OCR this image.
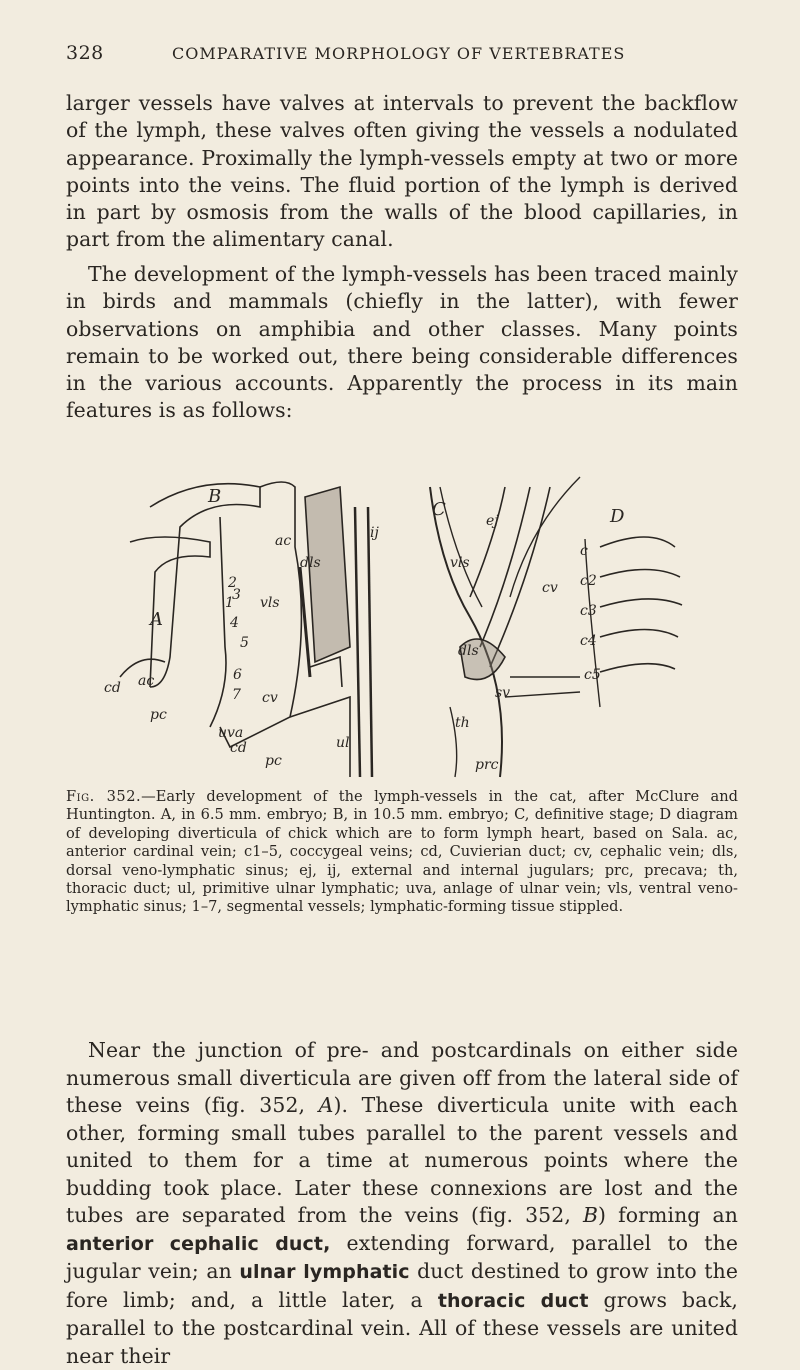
328	COMPARATIVE MORPHOLOGY OF VERTEBRATES

larger vessels have valves at intervals to prevent the backflow of the lymph, these valves often giving the vessels a nodulated appearance. Proximally the lymph-vessels empty at two or more points into the veins. The fluid portion of the lymph is derived in part by osmosis from the walls of the blood capillaries, in part from the alimentary canal.

The development of the lymph-vessels has been traced mainly in birds and mammals (chiefly in the latter), with fewer observations on amphibia and other classes. Many points remain to be worked out, there being considerable differences in the various accounts. Apparently the process in its main features is as follows:

A
B
C	D
ac
cd
pc
ac
vls
dls
cv
cd
pc
uva
ul
1
2
3
4
5
6
7
ij
ej
vls
cv
dls
sv
th
prc
c
c2
c3
c4
c5

Fig. 352.—Early development of the lymph-vessels in the cat, after McClure and Huntington. A, in 6.5 mm. embryo; B, in 10.5 mm. embryo; C, definitive stage; D diagram of developing diverticula of chick which are to form lymph heart, based on Sala. ac, anterior cardinal vein; c1–5, coccygeal veins; cd, Cuvierian duct; cv, cephalic vein; dls, dorsal veno-lymphatic sinus; ej, ij, external and internal jugulars; prc, precava; th, thoracic duct; ul, primitive ulnar lymphatic; uva, anlage of ulnar vein; vls, ventral veno-lymphatic sinus; 1–7, segmental vessels; lymphatic-forming tissue stippled.

Near the junction of pre- and postcardinals on either side numerous small diverticula are given off from the lateral side of these veins (fig. 352, A). These diverticula unite with each other, forming small tubes parallel to the parent vessels and united to them for a time at numerous points where the budding took place. Later these connexions are lost and the tubes are separated from the veins (fig. 352, B) forming an anterior cephalic duct, extending forward, parallel to the jugular vein; an ulnar lymphatic duct destined to grow into the fore limb; and, a little later, a thoracic duct grows back, parallel to the postcardinal vein. All of these vessels are united near their
